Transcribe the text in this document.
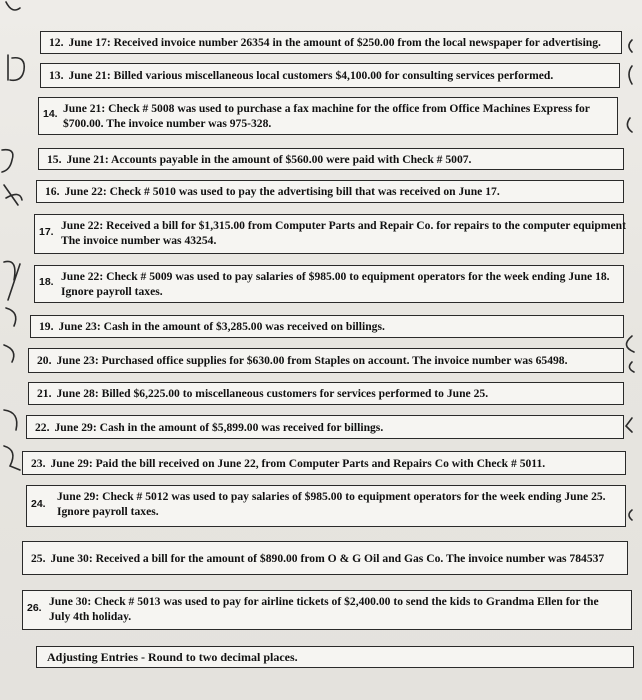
12. June 17: Received invoice number 26354 in the amount of $250.00 from the local newspaper for advertising.
13. June 21: Billed various miscellaneous local customers $4,100.00 for consulting services performed.
14. June 21: Check # 5008 was used to purchase a fax machine for the office from Office Machines Express for
$700.00. The invoice number was 975-328.
15. June 21: Accounts payable in the amount of $560.00 were paid with Check # 5007.
16. June 22: Check # 5010 was used to pay the advertising bill that was received on June 17.
17. June 22: Received a bill for $1,315.00 from Computer Parts and Repair Co. for repairs to the computer equipment
The invoice number was 43254.
18. June 22: Check # 5009 was used to pay salaries of $985.00 to equipment operators for the week ending June 18.
Ignore payroll taxes.
19. June 23: Cash in the amount of $3,285.00 was received on billings.
20. June 23: Purchased office supplies for $630.00 from Staples on account. The invoice number was 65498.
21. June 28: Billed $6,225.00 to miscellaneous customers for services performed to June 25.
22. June 29: Cash in the amount of $5,899.00 was received for billings.
23. June 29: Paid the bill received on June 22, from Computer Parts and Repairs Co with Check # 5011.
24.
June 29: Check # 5012 was used to pay salaries of $985.00 to equipment operators for the week ending June 25.
Ignore payroll taxes.
25. June 30: Received a bill for the amount of $890.00 from O & G Oil and Gas Co. The invoice number was 784537
26. June 30: Check # 5013 was used to pay for airline tickets of $2,400.00 to send the kids to Grandma Ellen for the
July 4th holiday.
Adjusting Entries - Round to two decimal places.
